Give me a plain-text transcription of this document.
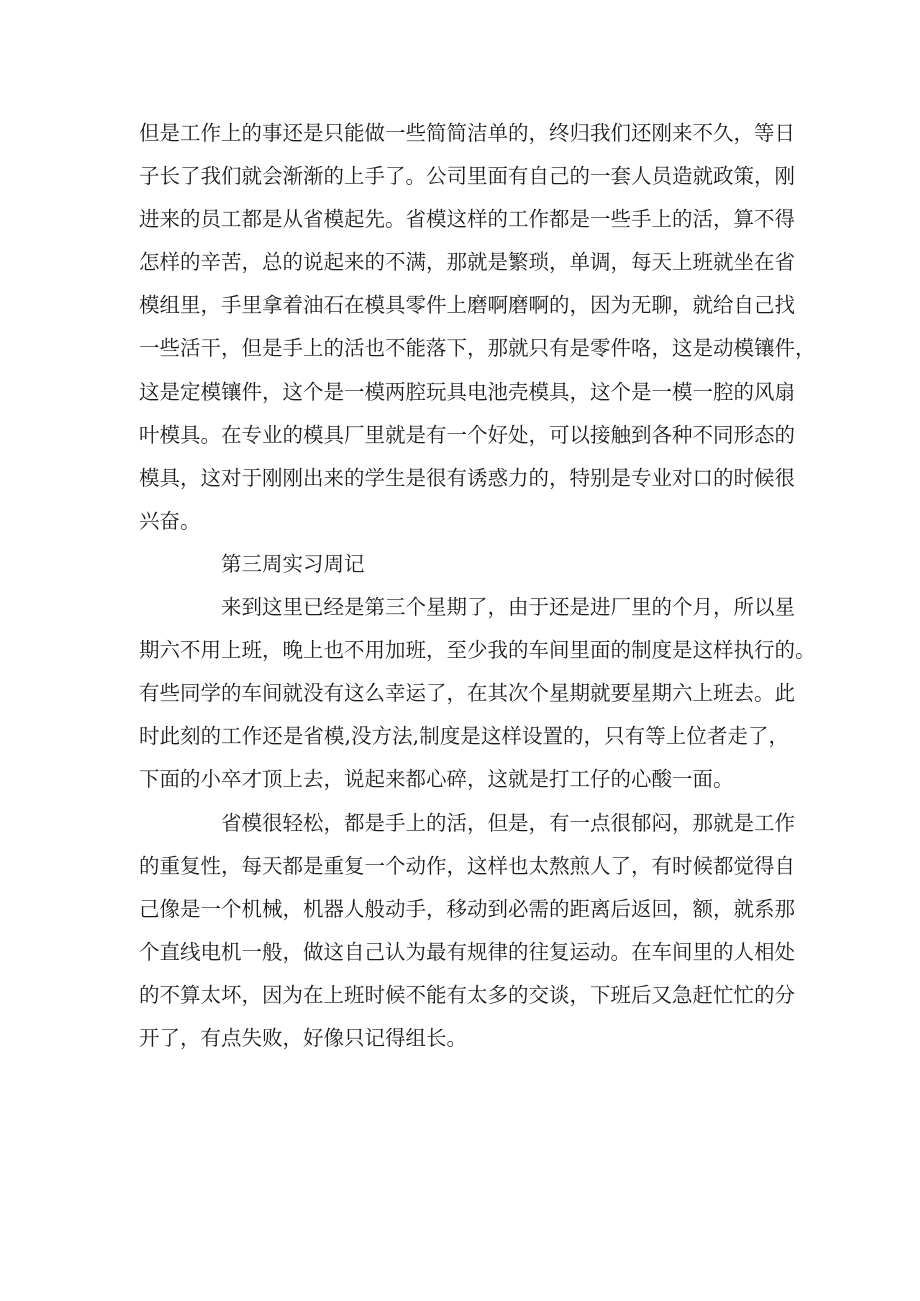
但是工作上的事还是只能做一些简简洁单的，终归我们还刚来不久，等日
子长了我们就会渐渐的上手了。公司里面有自己的一套人员造就政策，刚
进来的员工都是从省模起先。省模这样的工作都是一些手上的活，算不得
怎样的辛苦，总的说起来的不满，那就是繁琐，单调，每天上班就坐在省
模组里，手里拿着油石在模具零件上磨啊磨啊的，因为无聊，就给自己找
一些活干，但是手上的活也不能落下，那就只有是零件咯，这是动模镶件，
这是定模镶件，这个是一模两腔玩具电池壳模具，这个是一模一腔的风扇
叶模具。在专业的模具厂里就是有一个好处，可以接触到各种不同形态的
模具，这对于刚刚出来的学生是很有诱惑力的，特别是专业对口的时候很
兴奋。
第三周实习周记
来到这里已经是第三个星期了，由于还是进厂里的个月，所以星
期六不用上班，晚上也不用加班，至少我的车间里面的制度是这样执行的。
有些同学的车间就没有这么幸运了，在其次个星期就要星期六上班去。此
时此刻的工作还是省模,没方法,制度是这样设置的，只有等上位者走了，
下面的小卒才顶上去，说起来都心碎，这就是打工仔的心酸一面。
省模很轻松，都是手上的活，但是，有一点很郁闷，那就是工作
的重复性，每天都是重复一个动作，这样也太熬煎人了，有时候都觉得自
己像是一个机械，机器人般动手，移动到必需的距离后返回，额，就系那
个直线电机一般，做这自己认为最有规律的往复运动。在车间里的人相处
的不算太坏，因为在上班时候不能有太多的交谈，下班后又急赶忙忙的分
开了，有点失败，好像只记得组长。
